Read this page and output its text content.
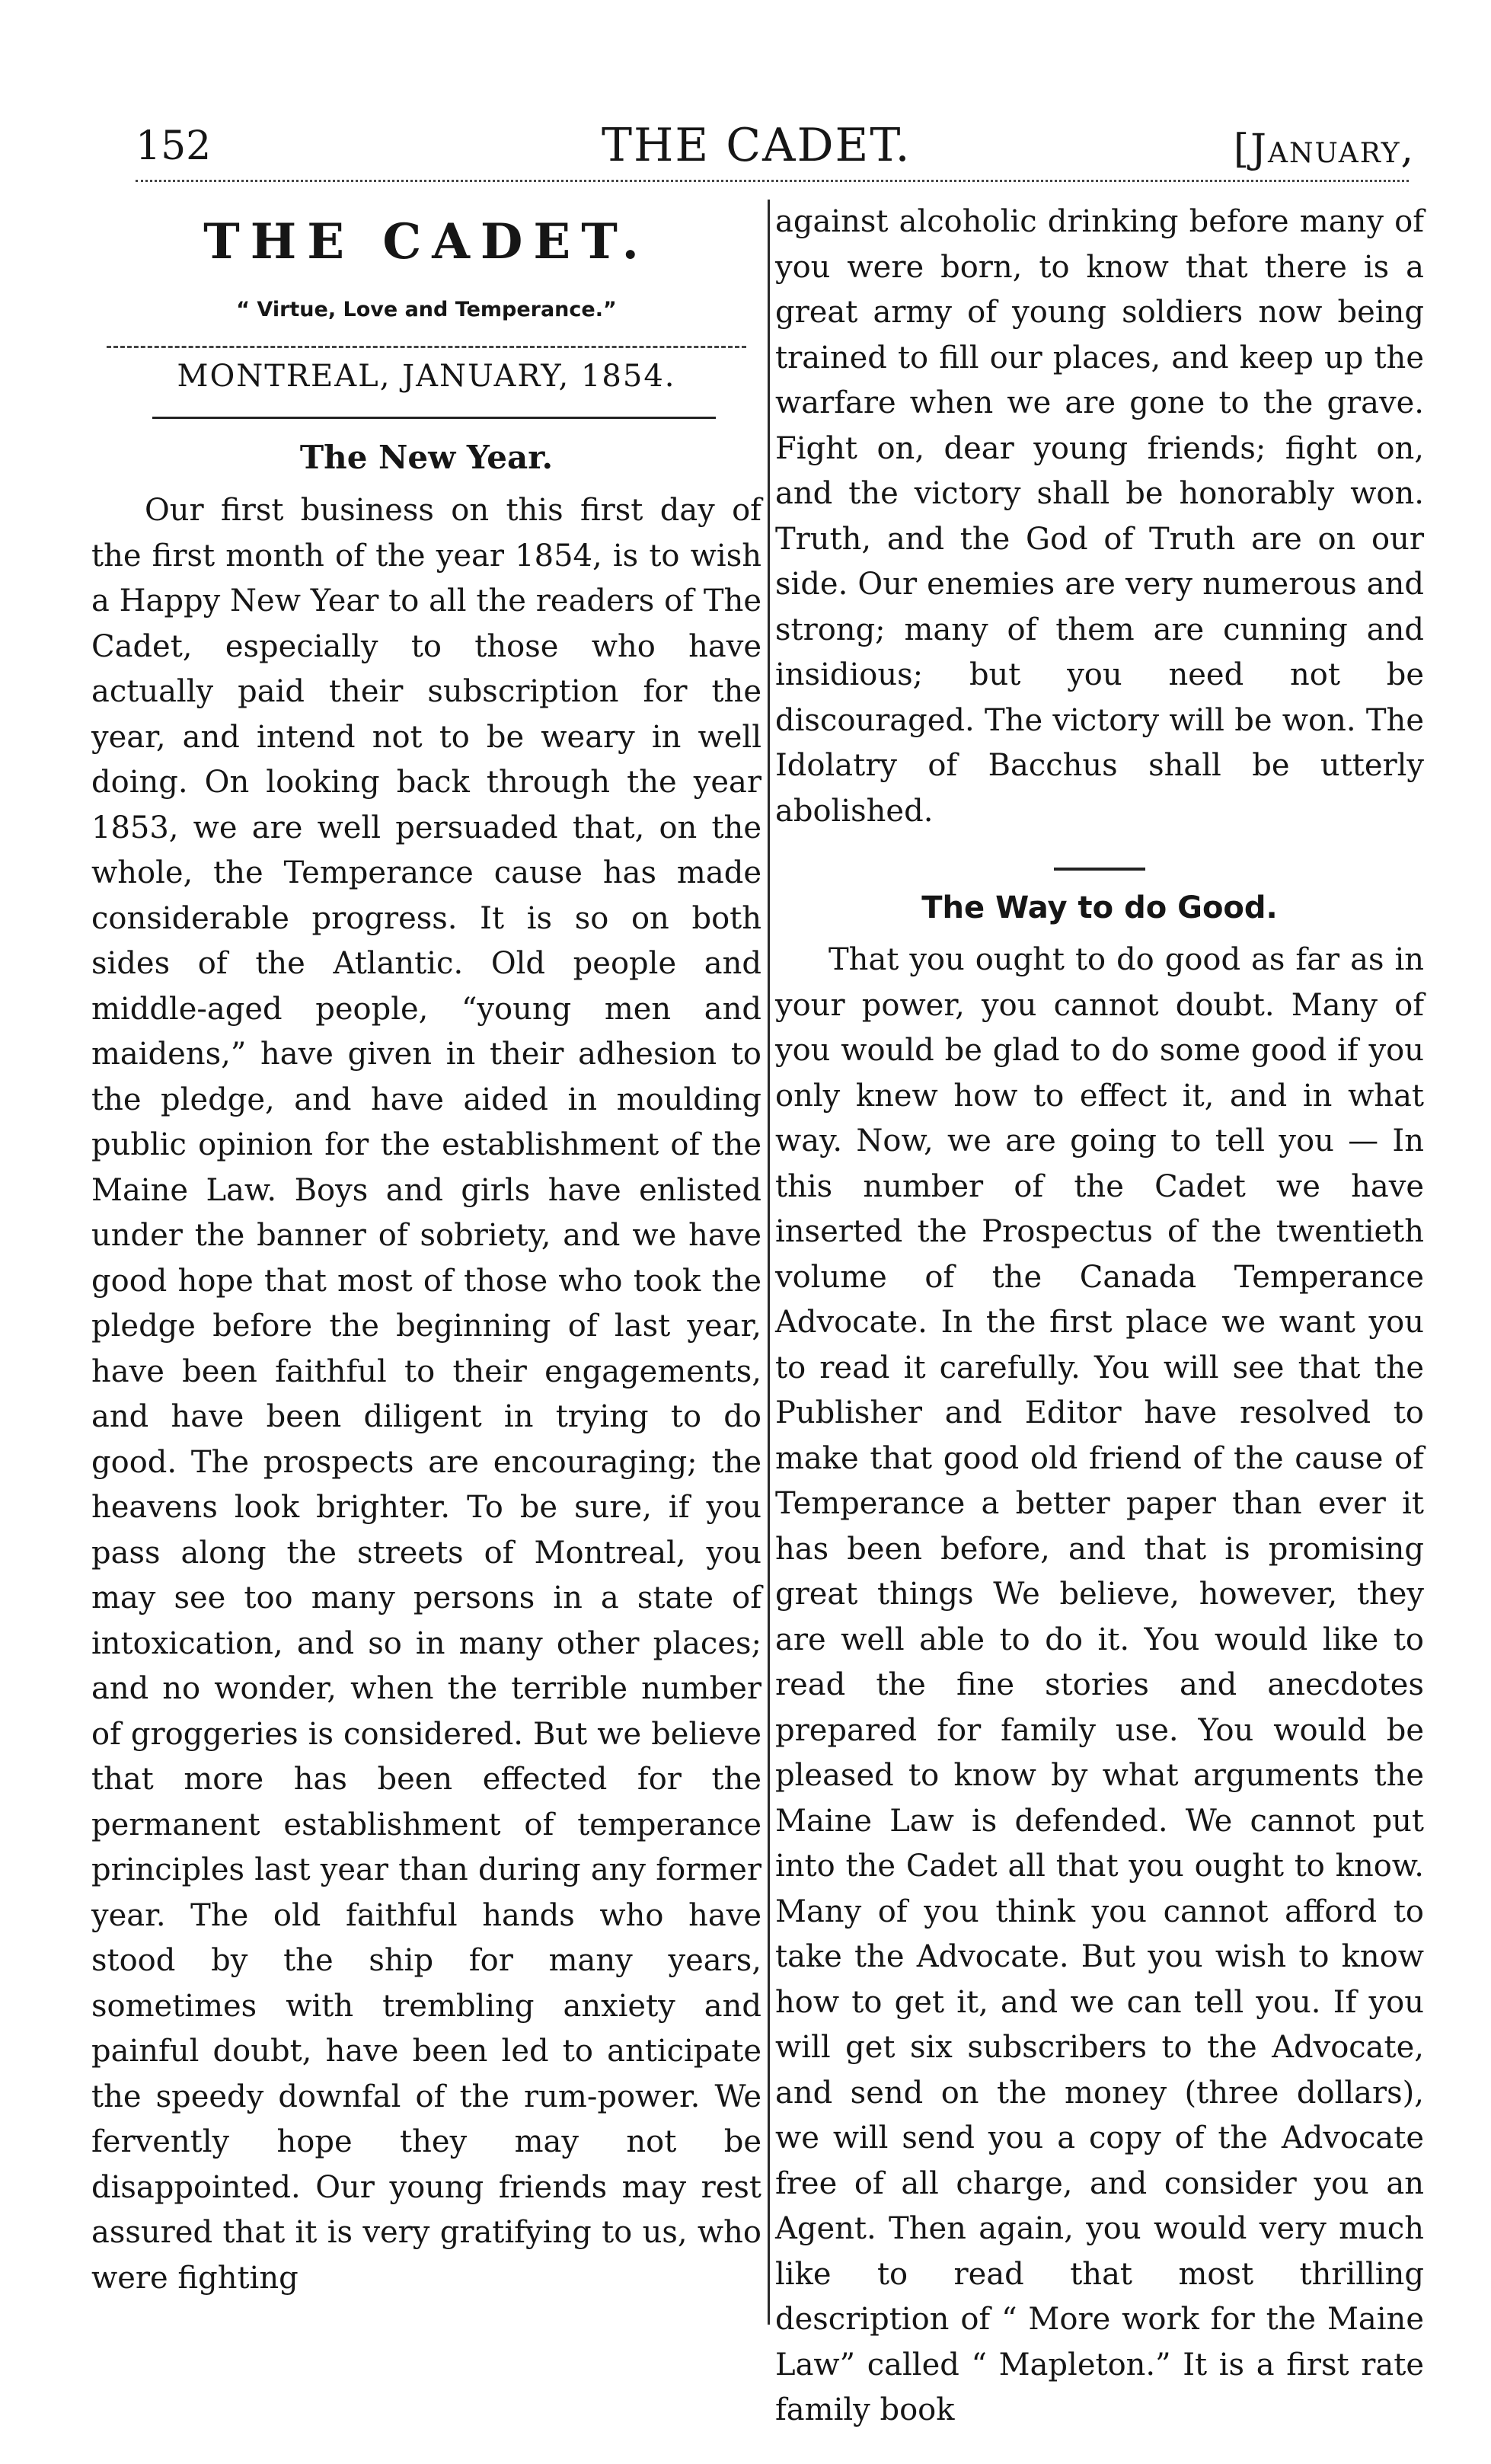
152	THE CADET.	[January,
THE CADET.
“ Virtue, Love and Temperance.”
MONTREAL, JANUARY, 1854.
The New Year.
Our first business on this first day of the first month of the year 1854, is to wish a Happy New Year to all the readers of The Cadet, especially to those who have actually paid their subscription for the year, and intend not to be weary in well doing. On looking back through the year 1853, we are well persuaded that, on the whole, the Temperance cause has made considerable progress. It is so on both sides of the Atlantic. Old people and middle-aged people, “young men and maidens,” have given in their adhesion to the pledge, and have aided in moulding public opinion for the establishment of the Maine Law. Boys and girls have enlisted under the banner of sobriety, and we have good hope that most of those who took the pledge before the beginning of last year, have been faithful to their engagements, and have been diligent in trying to do good. The prospects are encouraging; the heavens look brighter. To be sure, if you pass along the streets of Montreal, you may see too many persons in a state of intoxication, and so in many other places; and no wonder, when the terrible number of groggeries is considered. But we believe that more has been effected for the permanent establishment of temperance principles last year than during any former year. The old faithful hands who have stood by the ship for many years, sometimes with trembling anxiety and painful doubt, have been led to anticipate the speedy downfal of the rum-power. We fervently hope they may not be disappointed. Our young friends may rest assured that it is very gratifying to us, who were fighting
against alcoholic drinking before many of you were born, to know that there is a great army of young soldiers now being trained to fill our places, and keep up the warfare when we are gone to the grave. Fight on, dear young friends; fight on, and the victory shall be honorably won. Truth, and the God of Truth are on our side. Our enemies are very numerous and strong; many of them are cunning and insidious; but you need not be discouraged. The victory will be won. The Idolatry of Bacchus shall be utterly abolished.
The Way to do Good.
That you ought to do good as far as in your power, you cannot doubt. Many of you would be glad to do some good if you only knew how to effect it, and in what way. Now, we are going to tell you — In this number of the Cadet we have inserted the Prospectus of the twentieth volume of the Canada Temperance Advocate. In the first place we want you to read it carefully. You will see that the Publisher and Editor have resolved to make that good old friend of the cause of Temperance a better paper than ever it has been before, and that is promising great things We believe, however, they are well able to do it. You would like to read the fine stories and anecdotes prepared for family use. You would be pleased to know by what arguments the Maine Law is defended. We cannot put into the Cadet all that you ought to know. Many of you think you cannot afford to take the Advocate. But you wish to know how to get it, and we can tell you. If you will get six subscribers to the Advocate, and send on the money (three dollars), we will send you a copy of the Advocate free of all charge, and consider you an Agent. Then again, you would very much like to read that most thrilling description of “ More work for the Maine Law” called “ Mapleton.” It is a first rate family book
